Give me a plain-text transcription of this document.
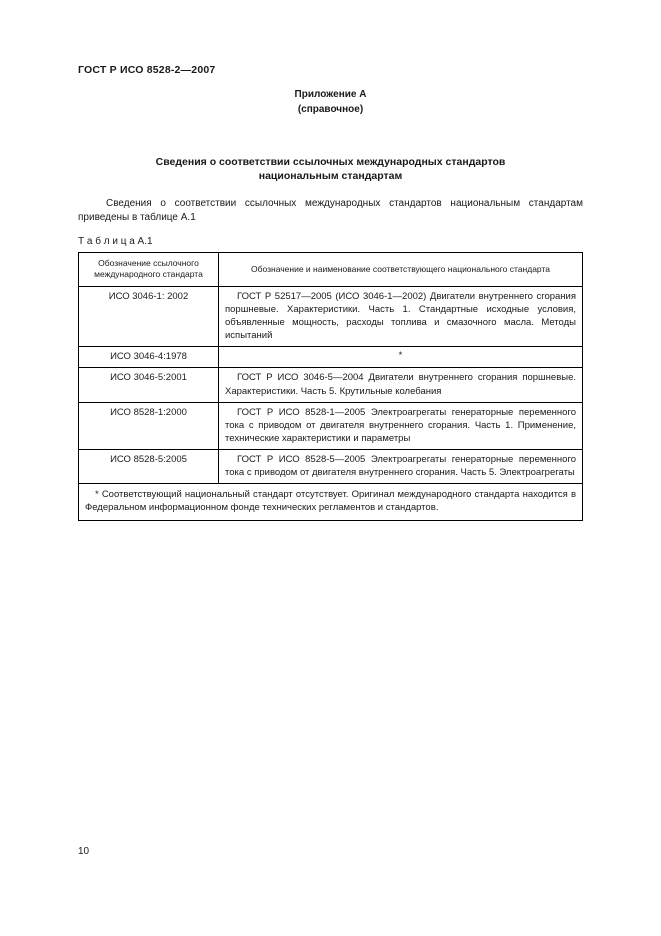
ГОСТ Р ИСО 8528-2—2007
Приложение А
(справочное)
Сведения о соответствии ссылочных международных стандартов
национальным стандартам

Сведения о соответствии ссылочных международных стандартов национальным стандартам приведены в таблице А.1

Т а б л и ц а А.1
Обозначение ссылочного международного стандарта	Обозначение и наименование соответствующего национального стандарта
ИСО 3046-1: 2002	ГОСТ Р 52517—2005 (ИСО 3046-1—2002) Двигатели внутреннего сгорания поршневые. Характеристики. Часть 1. Стандартные исходные условия, объявленные мощность, расходы топлива и смазочного масла. Методы испытаний
ИСО 3046-4:1978	*
ИСО 3046-5:2001	ГОСТ Р ИСО 3046-5—2004 Двигатели внутреннего сгорания поршневые. Характеристики. Часть 5. Крутильные колебания
ИСО 8528-1:2000	ГОСТ Р ИСО 8528-1—2005 Электроагрегаты генераторные переменного тока с приводом от двигателя внутреннего сгорания. Часть 1. Применение, технические характеристики и параметры
ИСО 8528-5:2005	ГОСТ Р ИСО 8528-5—2005 Электроагрегаты генераторные переменного тока с приводом от двигателя внутреннего сгорания. Часть 5. Электроагрегаты
* Соответствующий национальный стандарт отсутствует. Оригинал международного стандарта находится в Федеральном информационном фонде технических регламентов и стандартов.	
10
